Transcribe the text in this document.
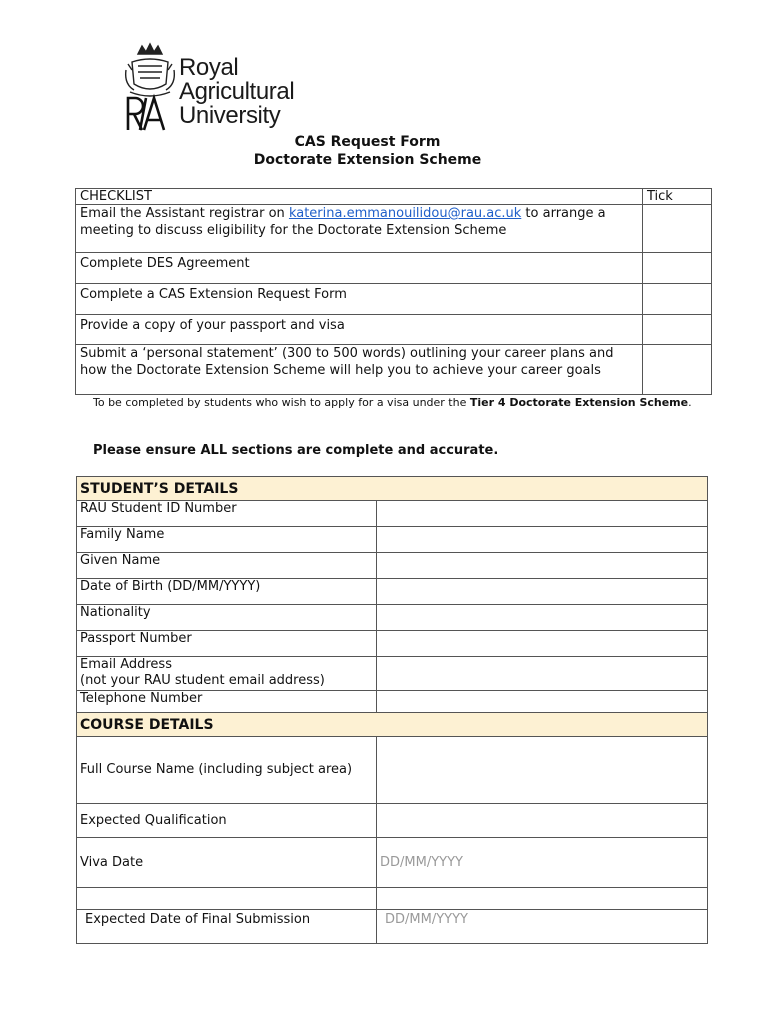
Royal
Agricultural
University
CAS Request Form
Doctorate Extension Scheme
CHECKLIST	Tick
Email the Assistant registrar on katerina.emmanouilidou@rau.ac.uk to arrange a meeting to discuss eligibility for the Doctorate Extension Scheme	
Complete DES Agreement	
Complete a CAS Extension Request Form	
Provide a copy of your passport and visa	
Submit a ‘personal statement’ (300 to 500 words) outlining your career plans and how the Doctorate Extension Scheme will help you to achieve your career goals	
To be completed by students who wish to apply for a visa under the Tier 4 Doctorate Extension Scheme.
Please ensure ALL sections are complete and accurate.
STUDENT’S DETAILS	
RAU Student ID Number	
Family Name	
Given Name	
Date of Birth (DD/MM/YYYY)	
Nationality	
Passport Number	

Email Address
(not your RAU student email address)	

Telephone Number	
COURSE DETAILS	
Full Course Name (including subject area)	
Expected Qualification	
Viva Date	DD/MM/YYYY

Expected Date of Final Submission	DD/MM/YYYY
